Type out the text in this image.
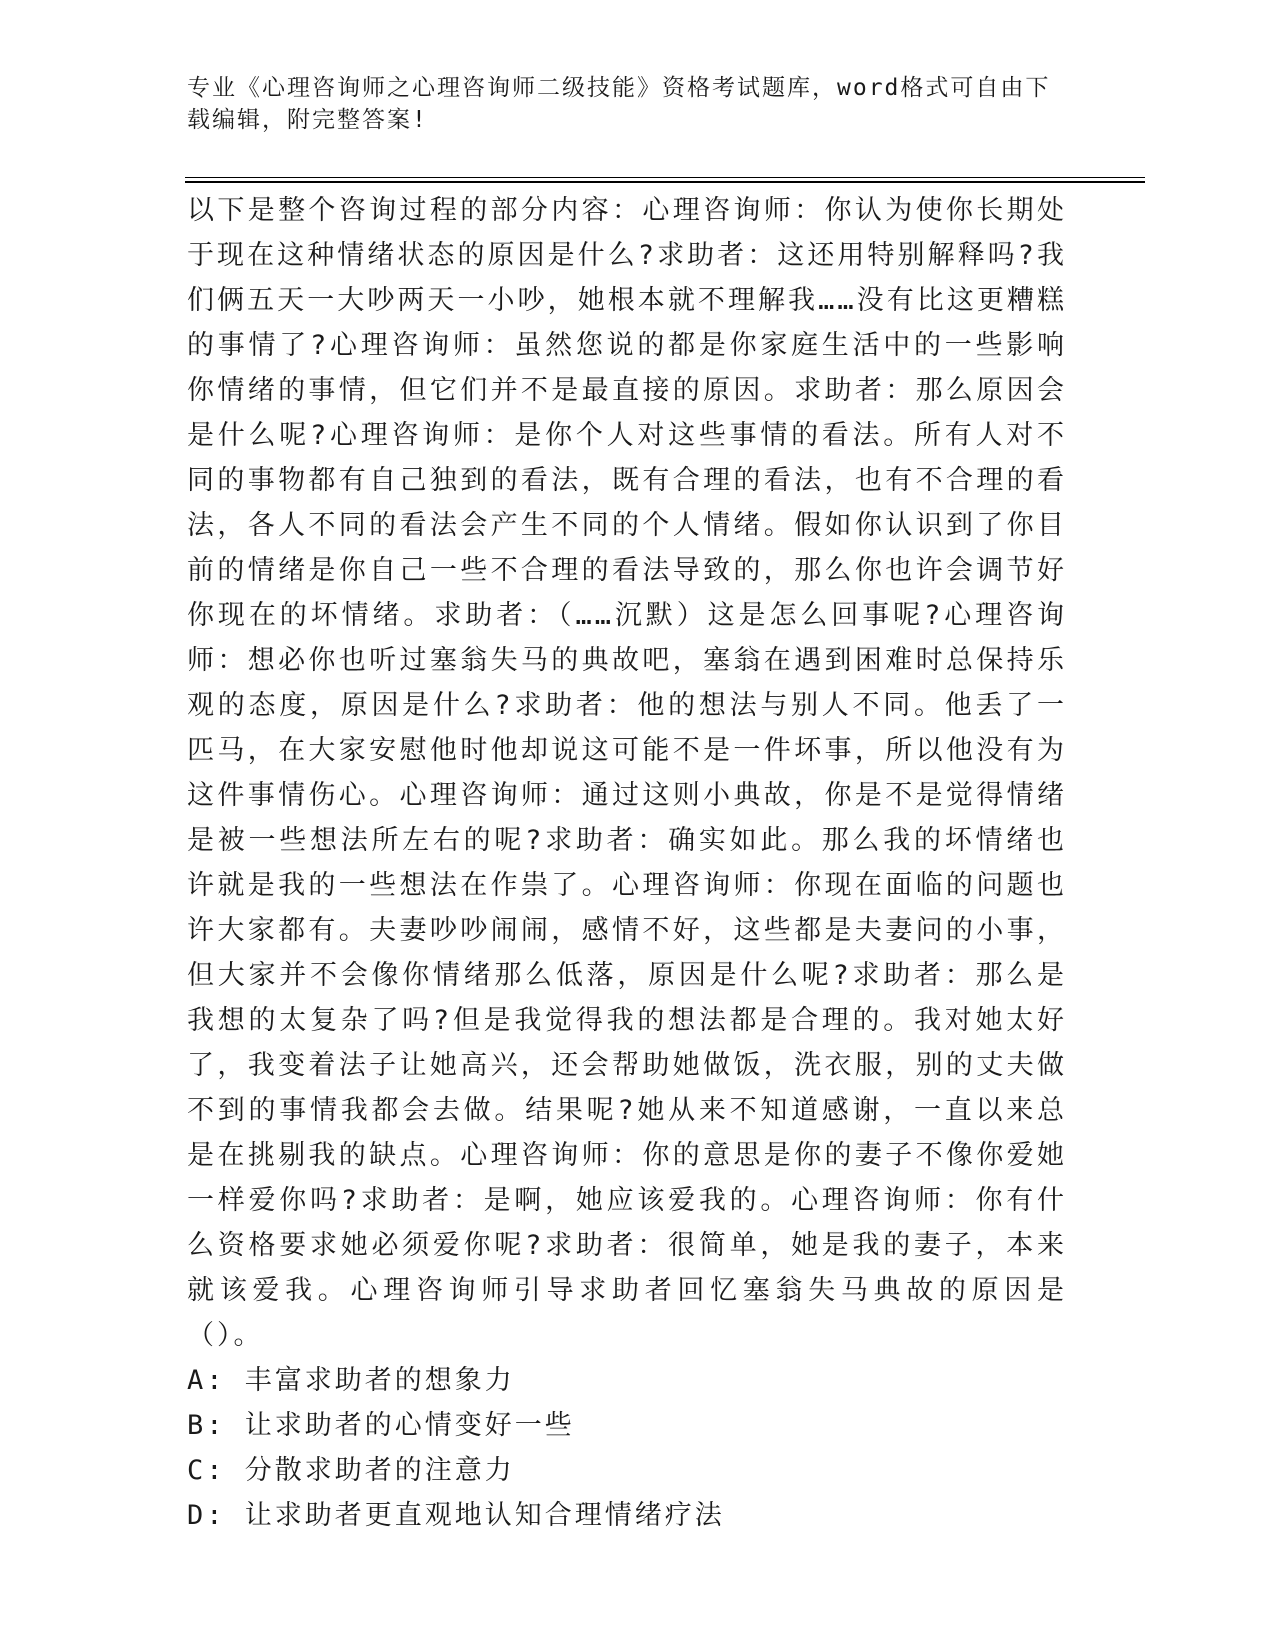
专业《心理咨询师之心理咨询师二级技能》资格考试题库，word格式可自由下载编辑，附完整答案!

以下是整个咨询过程的部分内容：心理咨询师：你认为使你长期处于现在这种情绪状态的原因是什么?求助者：这还用特别解释吗?我们俩五天一大吵两天一小吵，她根本就不理解我……没有比这更糟糕的事情了?心理咨询师：虽然您说的都是你家庭生活中的一些影响你情绪的事情，但它们并不是最直接的原因。求助者：那么原因会是什么呢?心理咨询师：是你个人对这些事情的看法。所有人对不同的事物都有自己独到的看法，既有合理的看法，也有不合理的看法，各人不同的看法会产生不同的个人情绪。假如你认识到了你目前的情绪是你自己一些不合理的看法导致的，那么你也许会调节好你现在的坏情绪。求助者：（……沉默）这是怎么回事呢?心理咨询师：想必你也听过塞翁失马的典故吧，塞翁在遇到困难时总保持乐观的态度，原因是什么?求助者：他的想法与别人不同。他丢了一匹马，在大家安慰他时他却说这可能不是一件坏事，所以他没有为这件事情伤心。心理咨询师：通过这则小典故，你是不是觉得情绪是被一些想法所左右的呢?求助者：确实如此。那么我的坏情绪也许就是我的一些想法在作祟了。心理咨询师：你现在面临的问题也许大家都有。夫妻吵吵闹闹，感情不好，这些都是夫妻问的小事，但大家并不会像你情绪那么低落，原因是什么呢?求助者：那么是我想的太复杂了吗?但是我觉得我的想法都是合理的。我对她太好了，我变着法子让她高兴，还会帮助她做饭，洗衣服，别的丈夫做不到的事情我都会去做。结果呢?她从来不知道感谢，一直以来总是在挑剔我的缺点。心理咨询师：你的意思是你的妻子不像你爱她一样爱你吗?求助者：是啊，她应该爱我的。心理咨询师：你有什么资格要求她必须爱你呢?求助者：很简单，她是我的妻子，本来就该爱我。心理咨询师引导求助者回忆塞翁失马典故的原因是（）。

A: 丰富求助者的想象力
B: 让求助者的心情变好一些
C: 分散求助者的注意力
D: 让求助者更直观地认知合理情绪疗法
